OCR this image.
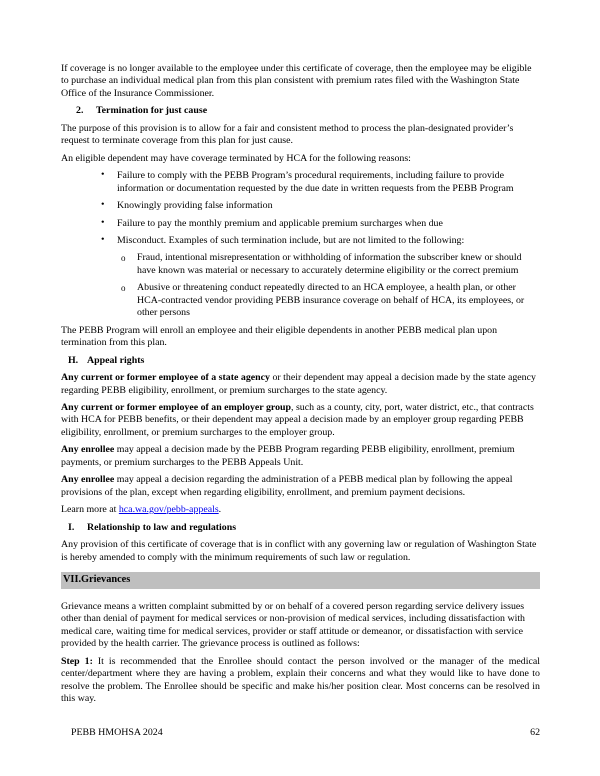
If coverage is no longer available to the employee under this certificate of coverage, then the employee may be eligible to purchase an individual medical plan from this plan consistent with premium rates filed with the Washington State Office of the Insurance Commissioner.

2. Termination for just cause

The purpose of this provision is to allow for a fair and consistent method to process the plan-designated provider’s request to terminate coverage from this plan for just cause.

An eligible dependent may have coverage terminated by HCA for the following reasons:

• Failure to comply with the PEBB Program’s procedural requirements, including failure to provide information or documentation requested by the due date in written requests from the PEBB Program

• Knowingly providing false information

• Failure to pay the monthly premium and applicable premium surcharges when due

• Misconduct. Examples of such termination include, but are not limited to the following:

o Fraud, intentional misrepresentation or withholding of information the subscriber knew or should have known was material or necessary to accurately determine eligibility or the correct premium

o Abusive or threatening conduct repeatedly directed to an HCA employee, a health plan, or other HCA-contracted vendor providing PEBB insurance coverage on behalf of HCA, its employees, or other persons

The PEBB Program will enroll an employee and their eligible dependents in another PEBB medical plan upon termination from this plan.

H. Appeal rights

Any current or former employee of a state agency or their dependent may appeal a decision made by the state agency regarding PEBB eligibility, enrollment, or premium surcharges to the state agency.

Any current or former employee of an employer group, such as a county, city, port, water district, etc., that contracts with HCA for PEBB benefits, or their dependent may appeal a decision made by an employer group regarding PEBB eligibility, enrollment, or premium surcharges to the employer group.

Any enrollee may appeal a decision made by the PEBB Program regarding PEBB eligibility, enrollment, premium payments, or premium surcharges to the PEBB Appeals Unit.

Any enrollee may appeal a decision regarding the administration of a PEBB medical plan by following the appeal provisions of the plan, except when regarding eligibility, enrollment, and premium payment decisions.

Learn more at hca.wa.gov/pebb-appeals.

I. Relationship to law and regulations

Any provision of this certificate of coverage that is in conflict with any governing law or regulation of Washington State is hereby amended to comply with the minimum requirements of such law or regulation.

VII. Grievances

Grievance means a written complaint submitted by or on behalf of a covered person regarding service delivery issues other than denial of payment for medical services or non-provision of medical services, including dissatisfaction with medical care, waiting time for medical services, provider or staff attitude or demeanor, or dissatisfaction with service provided by the health carrier. The grievance process is outlined as follows:

Step 1: It is recommended that the Enrollee should contact the person involved or the manager of the medical center/department where they are having a problem, explain their concerns and what they would like to have done to resolve the problem. The Enrollee should be specific and make his/her position clear. Most concerns can be resolved in this way.

PEBB HMOHSA 2024	62
